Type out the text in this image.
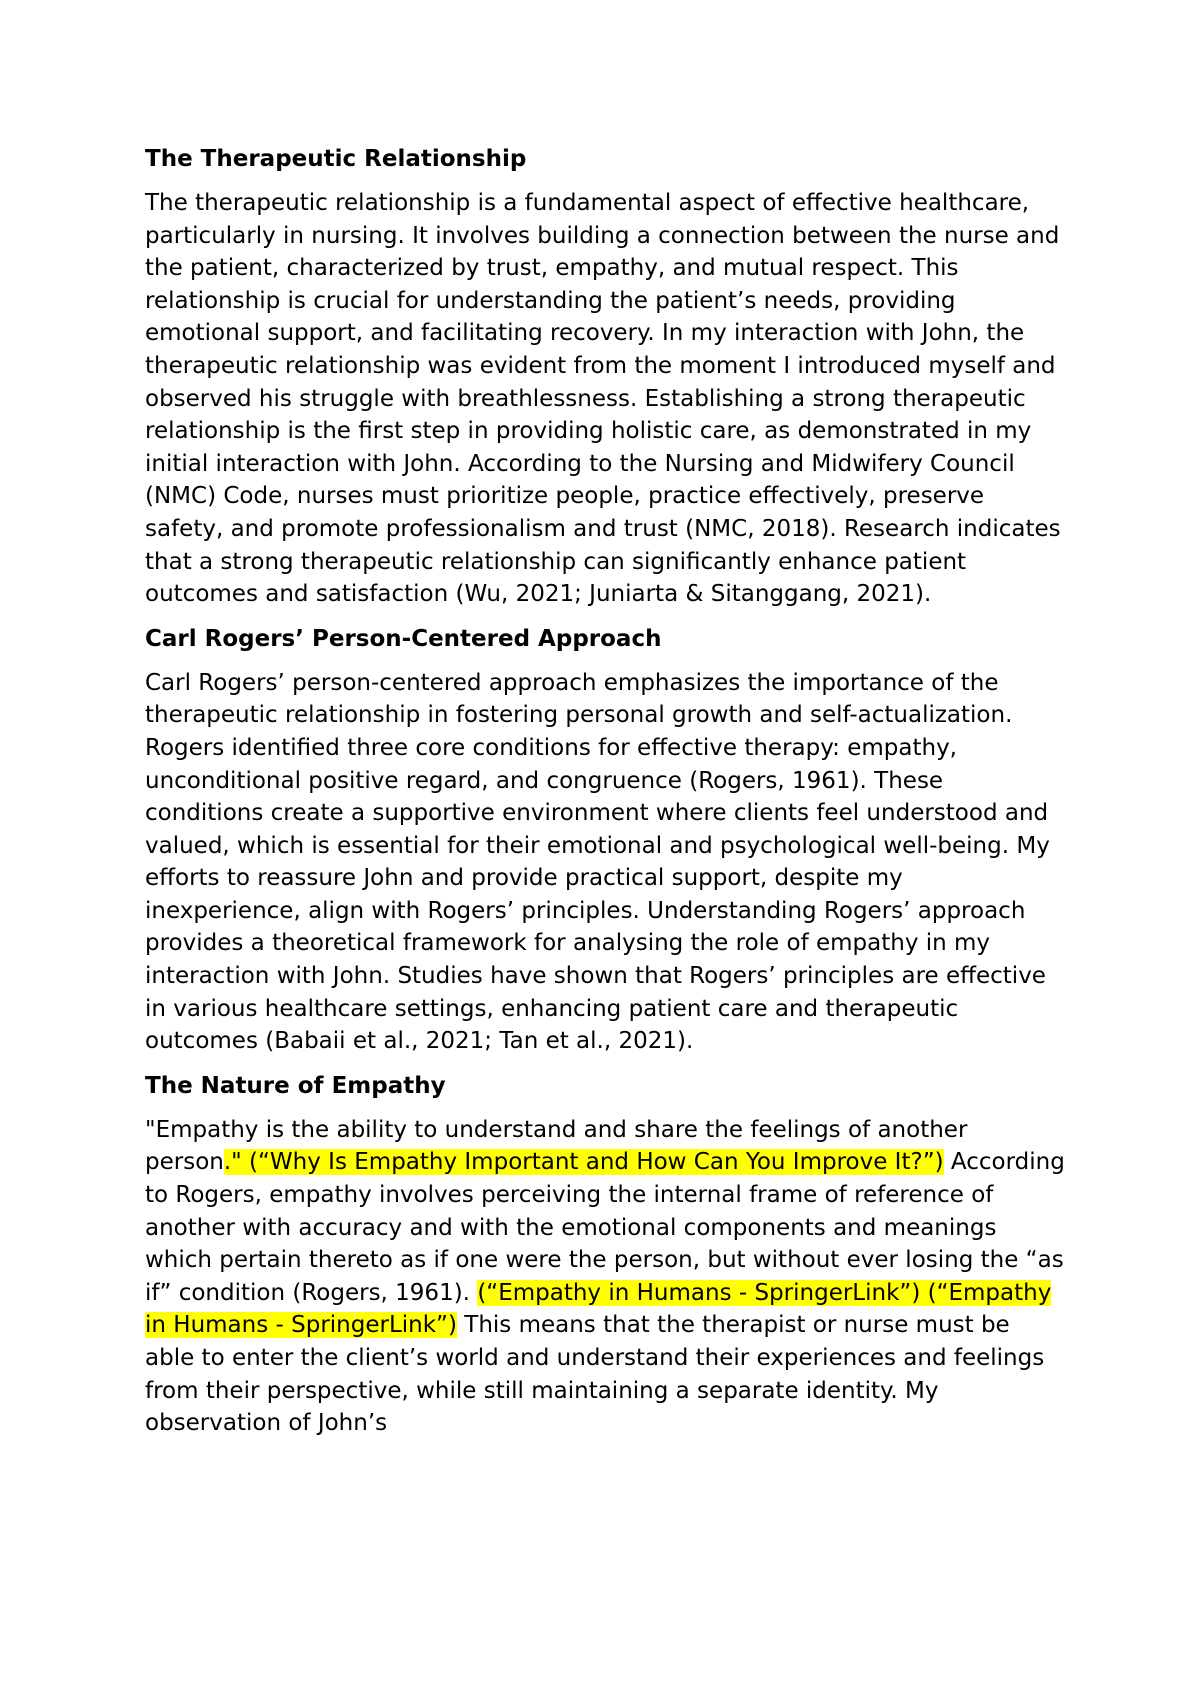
The Therapeutic Relationship

The therapeutic relationship is a fundamental aspect of effective healthcare, particularly in nursing. It involves building a connection between the nurse and the patient, characterized by trust, empathy, and mutual respect. This relationship is crucial for understanding the patient’s needs, providing emotional support, and facilitating recovery. In my interaction with John, the therapeutic relationship was evident from the moment I introduced myself and observed his struggle with breathlessness. Establishing a strong therapeutic relationship is the first step in providing holistic care, as demonstrated in my initial interaction with John. According to the Nursing and Midwifery Council (NMC) Code, nurses must prioritize people, practice effectively, preserve safety, and promote professionalism and trust (NMC, 2018). Research indicates that a strong therapeutic relationship can significantly enhance patient outcomes and satisfaction (Wu, 2021; Juniarta & Sitanggang, 2021).

Carl Rogers’ Person-Centered Approach

Carl Rogers’ person-centered approach emphasizes the importance of the therapeutic relationship in fostering personal growth and self-actualization. Rogers identified three core conditions for effective therapy: empathy, unconditional positive regard, and congruence (Rogers, 1961). These conditions create a supportive environment where clients feel understood and valued, which is essential for their emotional and psychological well-being. My efforts to reassure John and provide practical support, despite my inexperience, align with Rogers’ principles. Understanding Rogers’ approach provides a theoretical framework for analysing the role of empathy in my interaction with John. Studies have shown that Rogers’ principles are effective in various healthcare settings, enhancing patient care and therapeutic outcomes (Babaii et al., 2021; Tan et al., 2021).

The Nature of Empathy

"Empathy is the ability to understand and share the feelings of another person." (“Why Is Empathy Important and How Can You Improve It?”) According to Rogers, empathy involves perceiving the internal frame of reference of another with accuracy and with the emotional components and meanings which pertain thereto as if one were the person, but without ever losing the “as if” condition (Rogers, 1961). (“Empathy in Humans - SpringerLink”) (“Empathy in Humans - SpringerLink”) This means that the therapist or nurse must be able to enter the client’s world and understand their experiences and feelings from their perspective, while still maintaining a separate identity. My observation of John’s
